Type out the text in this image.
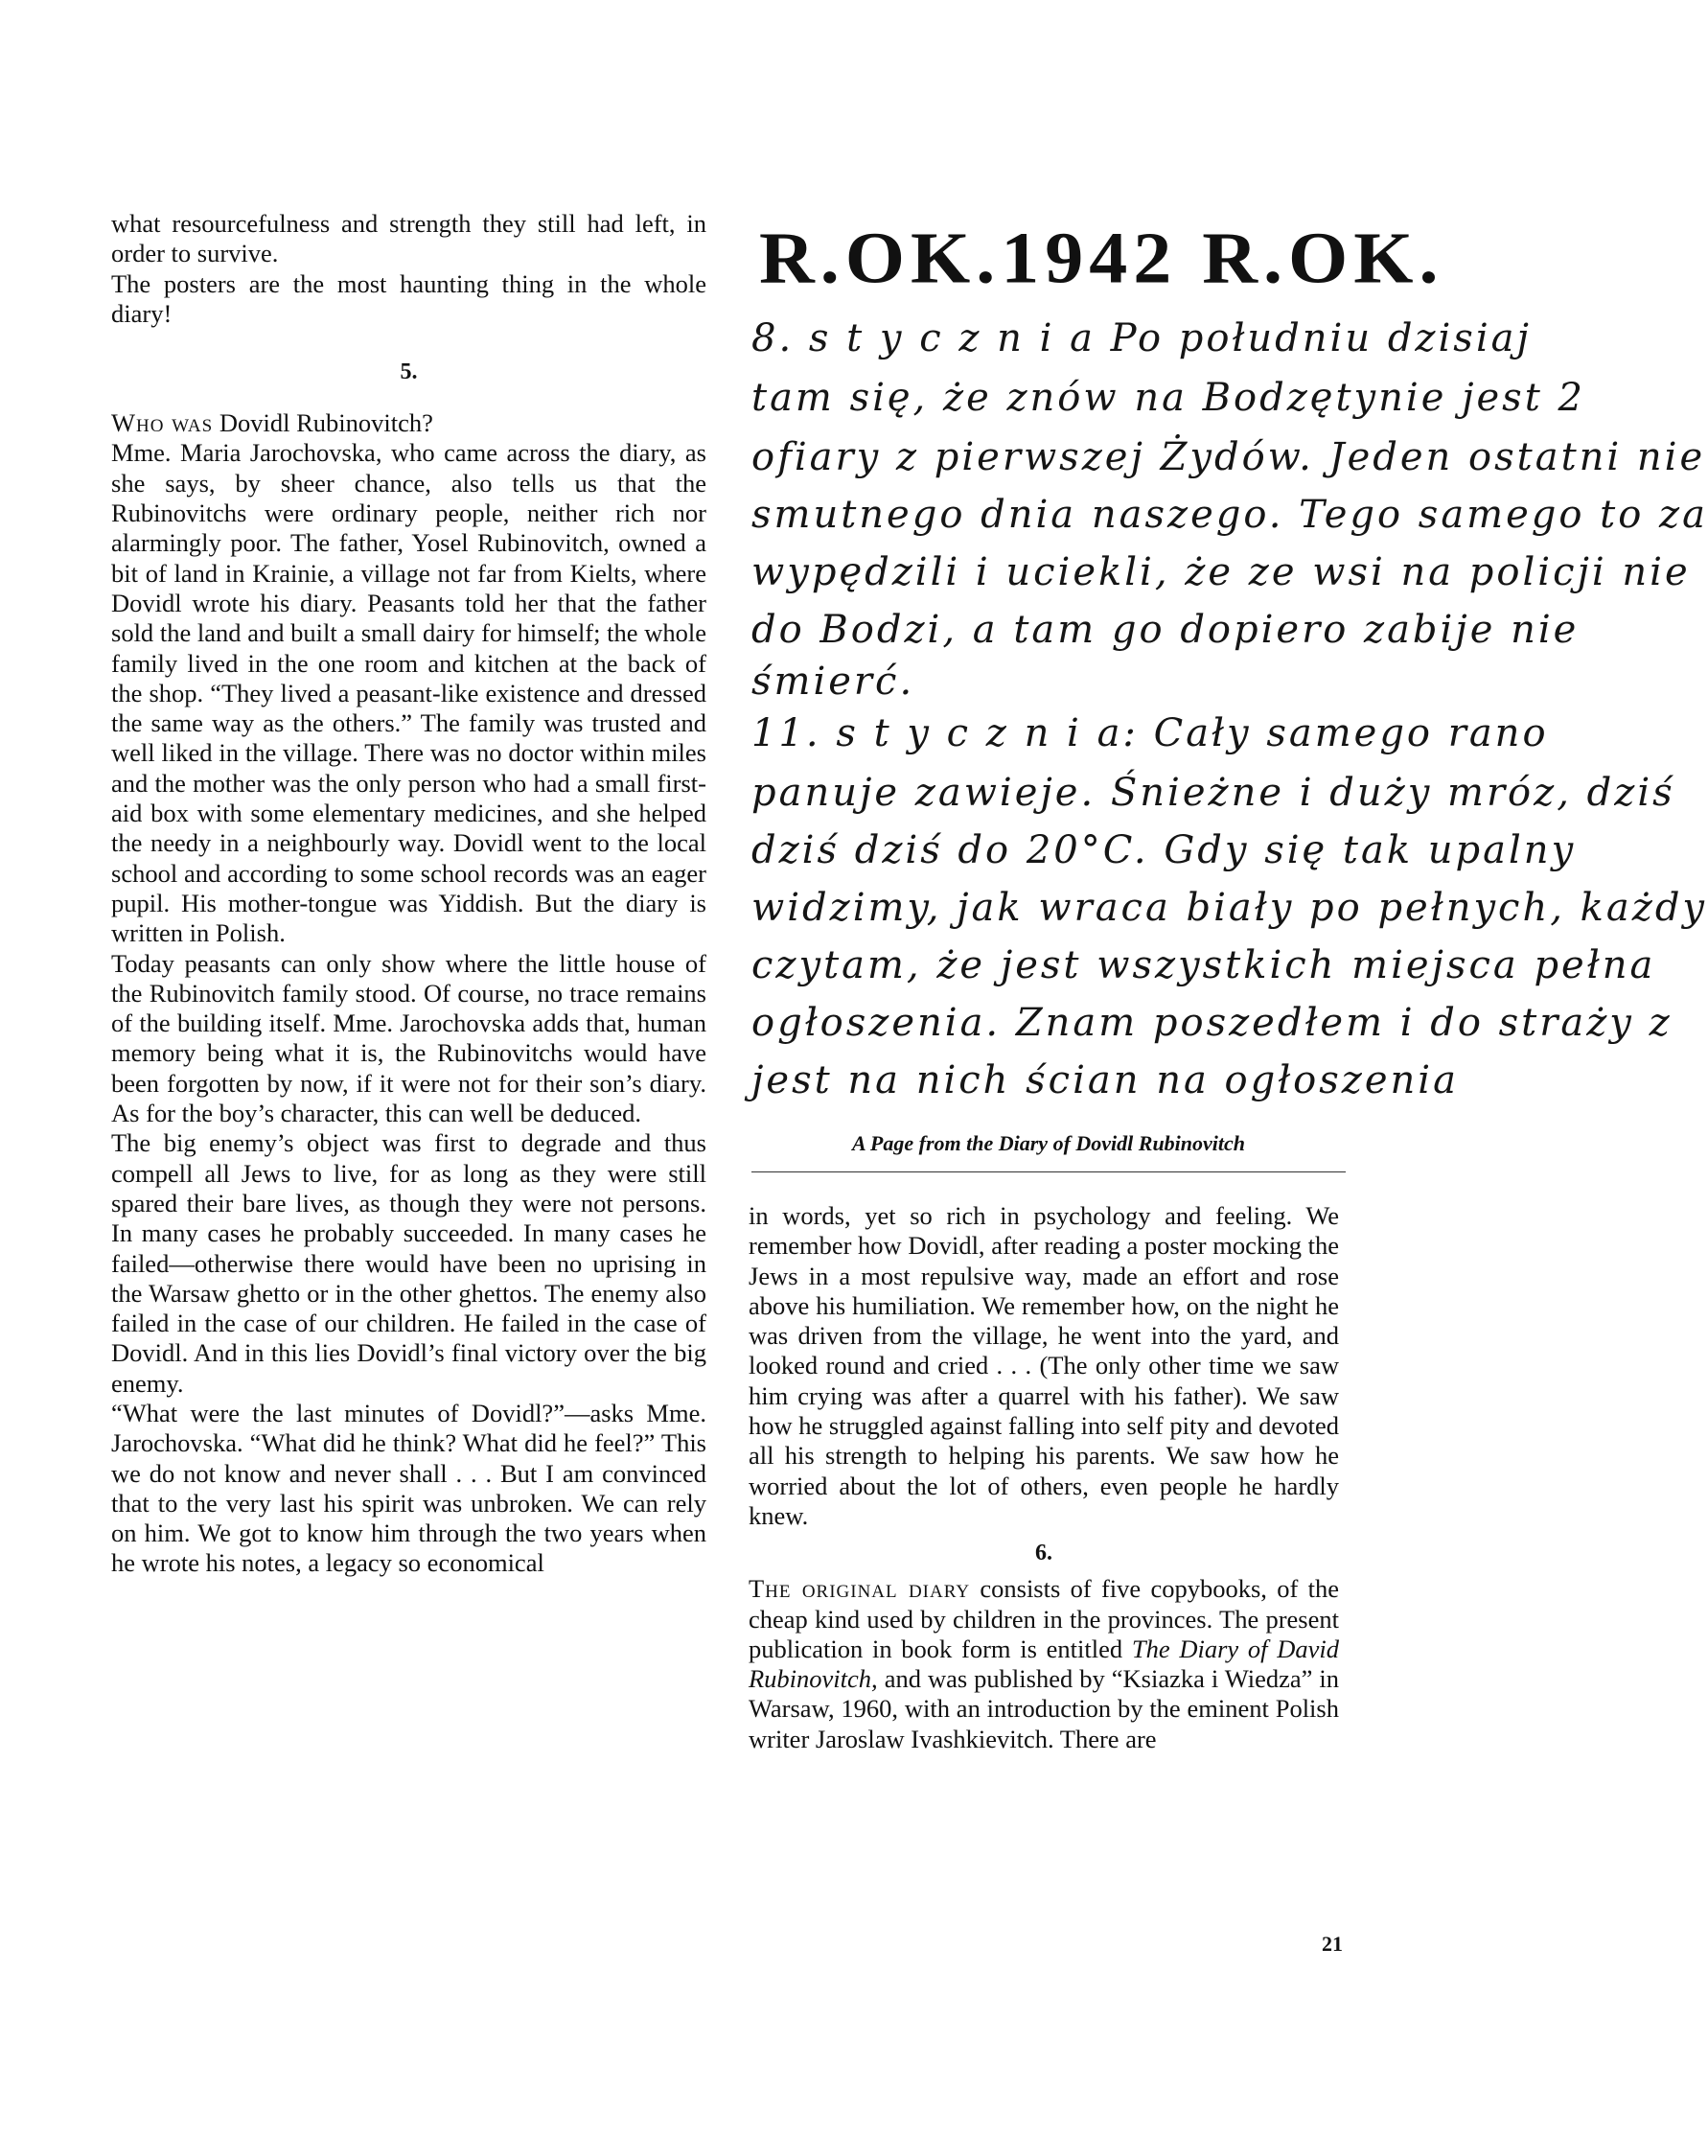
what resourcefulness and strength they still had left, in order to survive.

The posters are the most haunting thing in the whole diary!

5.

Who was Dovidl Rubinovitch?

Mme. Maria Jarochovska, who came across the diary, as she says, by sheer chance, also tells us that the Rubinovitchs were ordinary people, neither rich nor alarmingly poor. The father, Yosel Rubinovitch, owned a bit of land in Krainie, a village not far from Kielts, where Dovidl wrote his diary. Peasants told her that the father sold the land and built a small dairy for himself; the whole family lived in the one room and kitchen at the back of the shop. “They lived a peasant-like existence and dressed the same way as the others.” The family was trusted and well liked in the village. There was no doctor within miles and the mother was the only person who had a small first-aid box with some elementary medicines, and she helped the needy in a neighbourly way. Dovidl went to the local school and according to some school records was an eager pupil. His mother-tongue was Yiddish. But the diary is written in Polish.

Today peasants can only show where the little house of the Rubinovitch family stood. Of course, no trace remains of the building itself. Mme. Jarochovska adds that, human memory being what it is, the Rubinovitchs would have been forgotten by now, if it were not for their son’s diary. As for the boy’s character, this can well be deduced.

The big enemy’s object was first to degrade and thus compell all Jews to live, for as long as they were still spared their bare lives, as though they were not persons. In many cases he probably succeeded. In many cases he failed—otherwise there would have been no uprising in the Warsaw ghetto or in the other ghettos. The enemy also failed in the case of our children. He failed in the case of Dovidl. And in this lies Dovidl’s final victory over the big enemy.

“What were the last minutes of Dovidl?”—asks Mme. Jarochovska. “What did he think? What did he feel?” This we do not know and never shall . . . But I am convinced that to the very last his spirit was unbroken. We can rely on him. We got to know him through the two years when he wrote his notes, a legacy so economical

R.OK.1942 R.OK.
8. s t y c z n i a Po południu dzisiaj
tam się, że znów na Bodzętynie jest 2
ofiary z pierwszej Żydów. Jeden ostatni nie
smutnego dnia naszego. Tego samego to za
wypędzili i uciekli, że ze wsi na policji nie
do Bodzi, a tam go dopiero zabije nie
śmierć.
11. s t y c z n i a: Cały samego rano
panuje zawieje. Śnieżne i duży mróz, dziś
dziś dziś do 20°C. Gdy się tak upalny
widzimy, jak wraca biały po pełnych, każdy
czytam, że jest wszystkich miejsca pełna
ogłoszenia. Znam poszedłem i do straży z
jest na nich ścian na ogłoszenia
A Page from the Diary of Dovidl Rubinovitch

in words, yet so rich in psychology and feeling. We remember how Dovidl, after reading a poster mocking the Jews in a most repulsive way, made an effort and rose above his humiliation. We remember how, on the night he was driven from the village, he went into the yard, and looked round and cried . . . (The only other time we saw him crying was after a quarrel with his father). We saw how he struggled against falling into self pity and devoted all his strength to helping his parents. We saw how he worried about the lot of others, even people he hardly knew.

6.

The original diary consists of five copybooks, of the cheap kind used by children in the provinces. The present publication in book form is entitled The Diary of David Rubinovitch, and was published by “Ksiazka i Wiedza” in Warsaw, 1960, with an introduction by the eminent Polish writer Jaroslaw Ivashkievitch. There are

21
